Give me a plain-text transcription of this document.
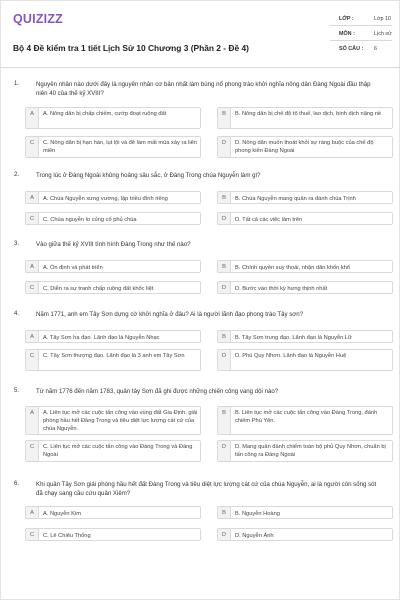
QUIZIZZ
Bộ 4 Đề kiểm tra 1 tiết Lịch Sử 10 Chương 3 (Phần 2 - Đề 4)
LỚP :	Lớp 10
MÔN :	Lịch sử
SỐ CÂU : 6
1.	Nguyên nhân nào dưới đây là nguyên nhân cơ bản nhất làm bùng nổ phong trào khởi nghĩa nông dân Đàng Ngoài đầu thập niên 40 của thế kỷ XVIII?
A	A. Nông dân bị chấp chiếm, cướp đoạt ruộng đất	B	B. Nông dân bị chế độ tô thuế, lao dịch, binh dịch nặng nề
C	C. Nông dân bị hạn hán, lụt lội và đê làm mất mùa xảy ra liên miên
D	D. Nông dân muốn thoát khỏi sự ràng buộc của chế độ phong kiến Đàng Ngoài
2.	Trong lúc ở Đàng Ngoài khủng hoảng sâu sắc, ở Đàng Trong chúa Nguyễn làm gì?
A	A. Chúa Nguyễn xưng vương, lập triều đình riêng	B	B. Chúa Nguyễn mang quân ra đánh chúa Trịnh
C	C. Chúa nguyễn lo củng cố phủ chúa	D	D. Tất cả các việc làm trên
3.	Vào giữa thế kỷ XVIII tình hình Đàng Trong như thế nào?
A	A. Ổn định và phát triển	B	B. Chính quyền suy thoái, nhận dân khốn khổ
C	C. Diễn ra sự tranh chấp ruộng đất khốc liệt	D	D. Bước vào thời kỳ hưng thịnh nhất
4.	Năm 1771, anh em Tây Sơn dựng cờ khởi nghĩa ở đâu? Ai là người lãnh đạo phong trào Tây sơn?
A	A. Tây Sơn hạ đạo. Lãnh đạo là Nguyễn Nhạc	B	B. Tây Sơn trung đạo. Lãnh đạo là Nguyễn Lữ
C	C. Tây Sơn thượng đạo. Lãnh đạo là 3 anh em Tây Sơn	D	D. Phú Quy Nhơn. Lãnh đạo là Nguyễn Huệ
5.	Từ năm 1776 đến năm 1783, quân tây Sơn đã ghi được những chiến công vang dội nào?
A	A. Liên tục mở các cuộc tấn công vào vùng đất Gia Định, giải phóng hầu hết Đàng Trong và tiêu diệt lực lượng cát cứ của chúa Nguyễn.
B	B. Liên tục mở các cuộc tấn công vào Đàng Trong, đánh chiếm Phú Yên.
C	C. Liên tục mở các cuộc tấn công vào Đàng Trong và Đàng Ngoài
D	D. Mang quân đánh chiếm toàn bộ phủ Quy Nhơn, chuẩn bị tấn công ra Đàng Ngoài
6.	Khi quân Tây Sơn giải phóng hầu hết đất Đàng Trong và tiêu diệt lực lượng cát cứ của chúa Nguyễn, ai là người còn sống sót đã chạy sang cầu cứu quân Xiêm?
A	A. Nguyễn Kim	B	B. Nguyễn Hoàng
C	C. Lê Chiêu Thống	D	D. Nguyễn Ánh
